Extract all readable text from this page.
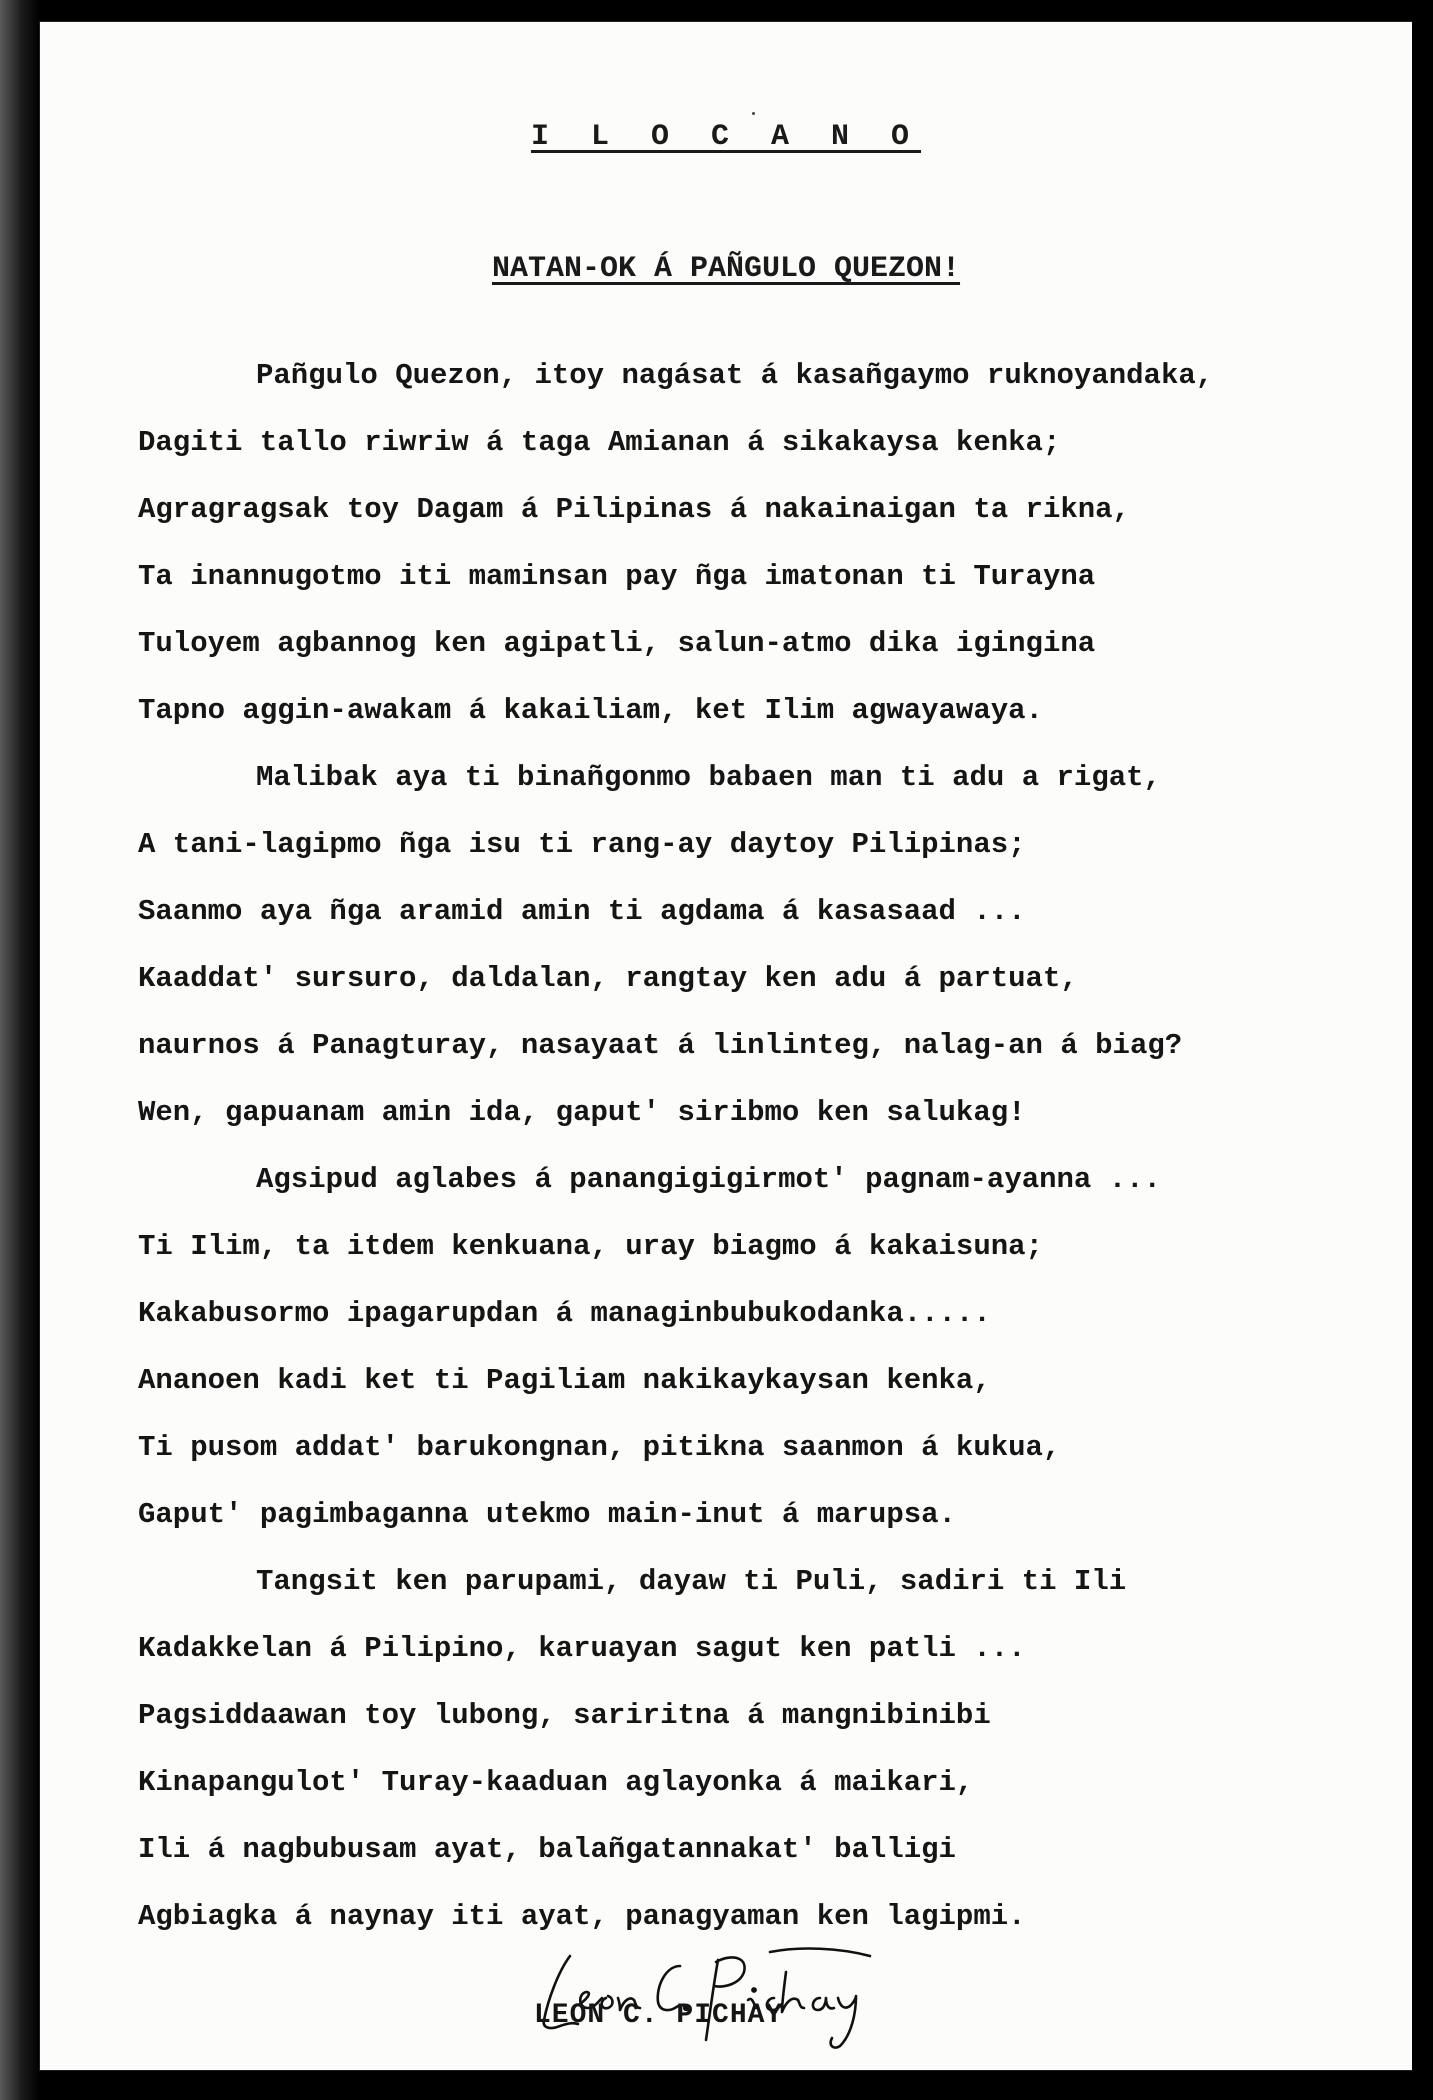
I L O C A N O
NATAN-OK Á PAÑGULO QUEZON!
Pañgulo Quezon, itoy nagásat á kasañgaymo ruknoyandaka,
Dagiti tallo riwriw á taga Amianan á sikakaysa kenka;
Agragragsak toy Dagam á Pilipinas á nakainaigan ta rikna,
Ta inannugotmo iti maminsan pay ñga imatonan ti Turayna
Tuloyem agbannog ken agipatli, salun-atmo dika igingina
Tapno aggin-awakam á kakailiam, ket Ilim agwayawaya.
Malibak aya ti binañgonmo babaen man ti adu a rigat,
A tani-lagipmo ñga isu ti rang-ay daytoy Pilipinas;
Saanmo aya ñga aramid amin ti agdama á kasasaad ...
Kaaddat' sursuro, daldalan, rangtay ken adu á partuat,
naurnos á Panagturay, nasayaat á linlinteg, nalag-an á biag?
Wen, gapuanam amin ida, gaput' siribmo ken salukag!
Agsipud aglabes á panangigigirmot' pagnam-ayanna ...
Ti Ilim, ta itdem kenkuana, uray biagmo á kakaisuna;
Kakabusormo ipagarupdan á managinbubukodanka.....
Ananoen kadi ket ti Pagiliam nakikaykaysan kenka,
Ti pusom addat' barukongnan, pitikna saanmon á kukua,
Gaput' pagimbaganna utekmo main-inut á marupsa.
Tangsit ken parupami, dayaw ti Puli, sadiri ti Ili
Kadakkelan á Pilipino, karuayan sagut ken patli ...
Pagsiddaawan toy lubong, sariritna á mangnibinibi
Kinapangulot' Turay-kaaduan aglayonka á maikari,
Ili á nagbubusam ayat, balañgatannakat' balligi
Agbiagka á naynay iti ayat, panagyaman ken lagipmi.
LEON C. PICHAY
